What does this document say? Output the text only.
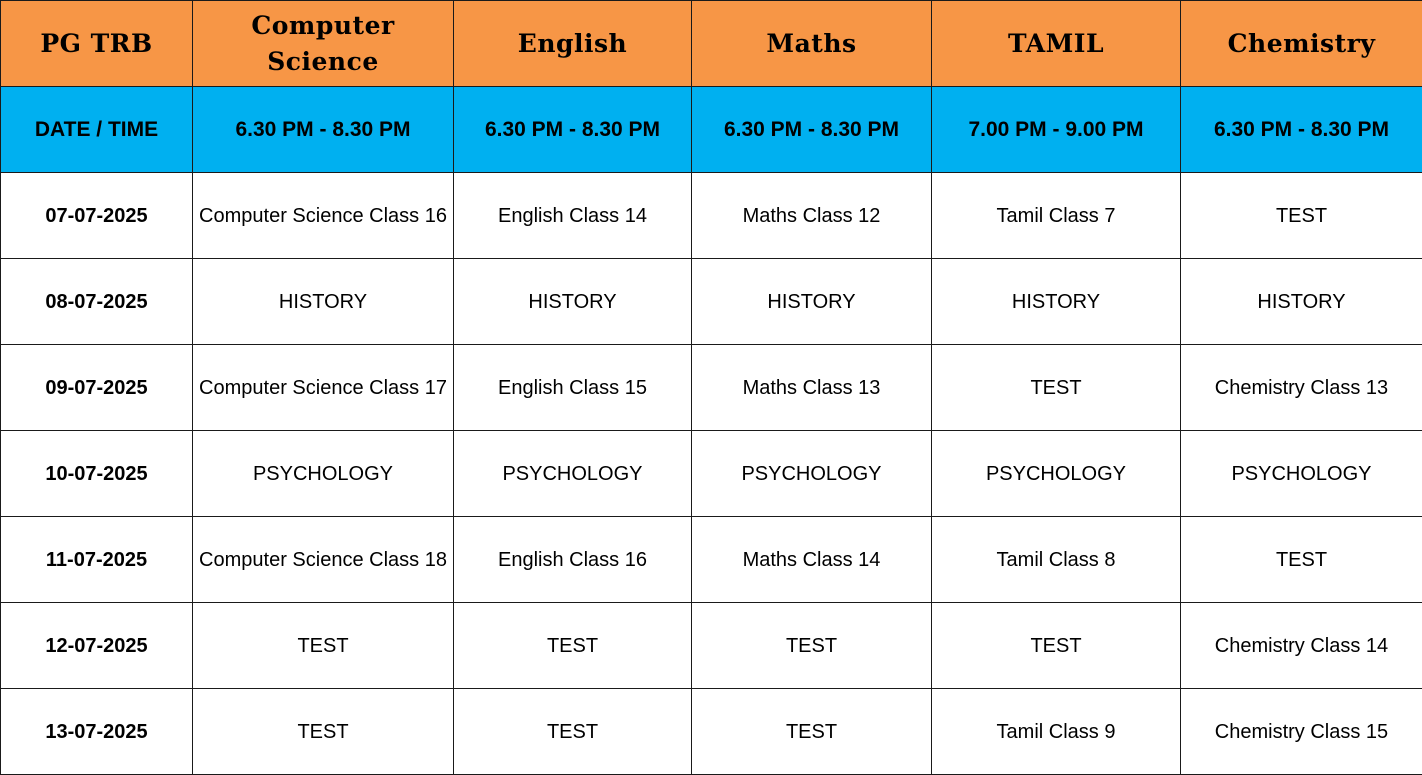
PG TRB	Computer Science	English	Maths	TAMIL	Chemistry
DATE / TIME	6.30 PM - 8.30 PM	6.30 PM - 8.30 PM	6.30 PM - 8.30 PM	7.00 PM - 9.00 PM	6.30 PM - 8.30 PM
07-07-2025	Computer Science Class 16	English Class 14	Maths Class 12	Tamil Class 7	TEST
08-07-2025	HISTORY	HISTORY	HISTORY	HISTORY	HISTORY
09-07-2025	Computer Science Class 17	English Class 15	Maths Class 13	TEST	Chemistry Class 13
10-07-2025	PSYCHOLOGY	PSYCHOLOGY	PSYCHOLOGY	PSYCHOLOGY	PSYCHOLOGY
11-07-2025	Computer Science Class 18	English Class 16	Maths Class 14	Tamil Class 8	TEST
12-07-2025	TEST	TEST	TEST	TEST	Chemistry Class 14
13-07-2025	TEST	TEST	TEST	Tamil Class 9	Chemistry Class 15
